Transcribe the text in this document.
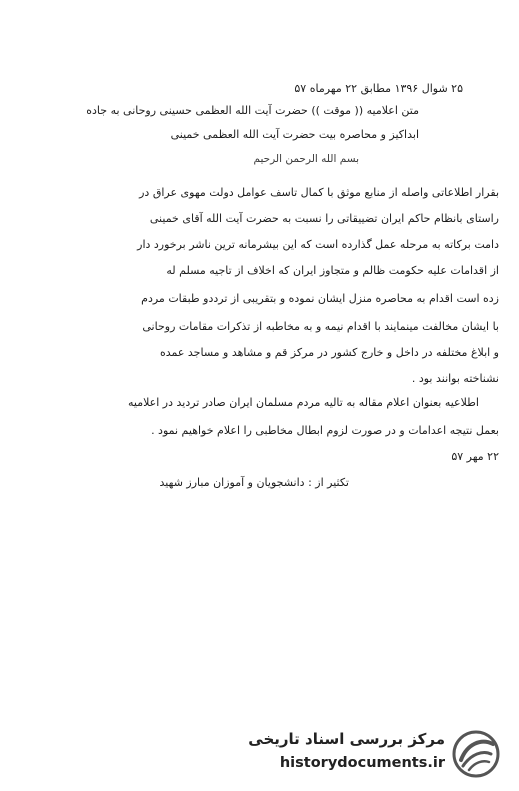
۲۵ شوال ۱۳۹۶ مطابق ۲۲ مهرماه ۵۷
متن اعلامیه (( موقت )) حضرت آیت الله العظمی حسینی روحانی به جاده
ابداکیز و محاصره بیت حضرت آیت الله العظمی خمینی
بسم الله الرحمن الرحیم
بقرار اطلاعاتی واصله از منابع موثق با کمال تاسف عوامل دولت مهوی عراق در
راستای بانظام حاکم ایران تضییقاتی را نسبت به حضرت آیت الله آقای خمینی
دامت برکاته به مرحله عمل گذارده است که این بیشرمانه ترین ناشر برخورد دار
از اقدامات علیه حکومت ظالم و متجاوز ایران که اخلاف از تاجیه مسلم له
زده است اقدام به محاصره منزل ایشان نموده و بتقریبی از ترددو طبقات مردم
با ایشان مخالفت مینمایند با اقدام نیمه و به مخاطبه از تذکرات مقامات روحانی
و ابلاغ مختلفه در داخل و خارج کشور در مرکز قم و مشاهد و مساجد عمده
نشناخته بوانند بود .
اطلاعیه بعنوان اعلام مقاله به تالیه مردم مسلمان ایران صادر تردید در اعلامیه
بعمل نتیجه اعدامات و در صورت لزوم ابطال مخاطبی را اعلام خواهیم نمود .
۲۲ مهر ۵۷
تکثیر از : دانشجویان و آموزان مبارز شهید
مرکز بررسی اسناد تاریخی
historydocuments.ir
